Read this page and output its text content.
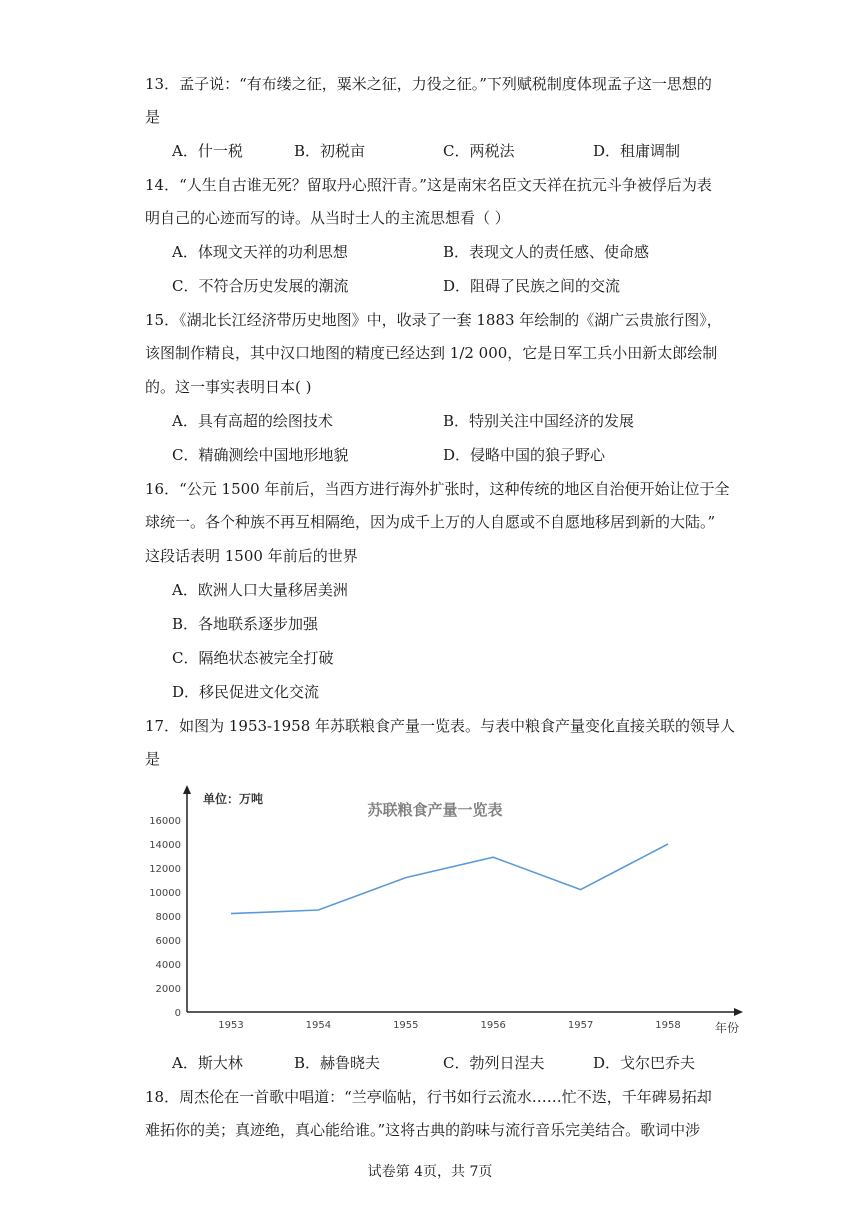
13．孟子说：“有布缕之征，粟米之征，力役之征。”下列赋税制度体现孟子这一思想的
是
A．什一税	B．初税亩	C．两税法	D．租庸调制
14．“人生自古谁无死？留取丹心照汗青。”这是南宋名臣文天祥在抗元斗争被俘后为表
明自己的心迹而写的诗。从当时士人的主流思想看（ ）
A．体现文天祥的功利思想	B．表现文人的责任感、使命感
C．不符合历史发展的潮流	D．阻碍了民族之间的交流
15．《湖北长江经济带历史地图》中，收录了一套 1883 年绘制的《湖广云贵旅行图》，
该图制作精良，其中汉口地图的精度已经达到 1/2 000，它是日军工兵小田新太郎绘制
的。这一事实表明日本( )
A．具有高超的绘图技术	B．特别关注中国经济的发展
C．精确测绘中国地形地貌	D．侵略中国的狼子野心
16．“公元 1500 年前后，当西方进行海外扩张时，这种传统的地区自治便开始让位于全
球统一。各个种族不再互相隔绝，因为成千上万的人自愿或不自愿地移居到新的大陆。”
这段话表明 1500 年前后的世界
A．欧洲人口大量移居美洲
B．各地联系逐步加强
C．隔绝状态被完全打破
D．移民促进文化交流
17．如图为 1953-1958 年苏联粮食产量一览表。与表中粮食产量变化直接关联的领导人
是
苏联粮食产量一览表
单位：万吨
年份
0
2000
4000
6000
8000
10000
12000
14000
16000
1953	1954	1955	1956	1957	1958
A．斯大林	B．赫鲁晓夫	C．勃列日涅夫	D．戈尔巴乔夫
18．周杰伦在一首歌中唱道：“兰亭临帖，行书如行云流水……忙不迭，千年碑易拓却
难拓你的美；真迹绝，真心能给谁。”这将古典的韵味与流行音乐完美结合。歌词中涉
试卷第 4页，共 7页
